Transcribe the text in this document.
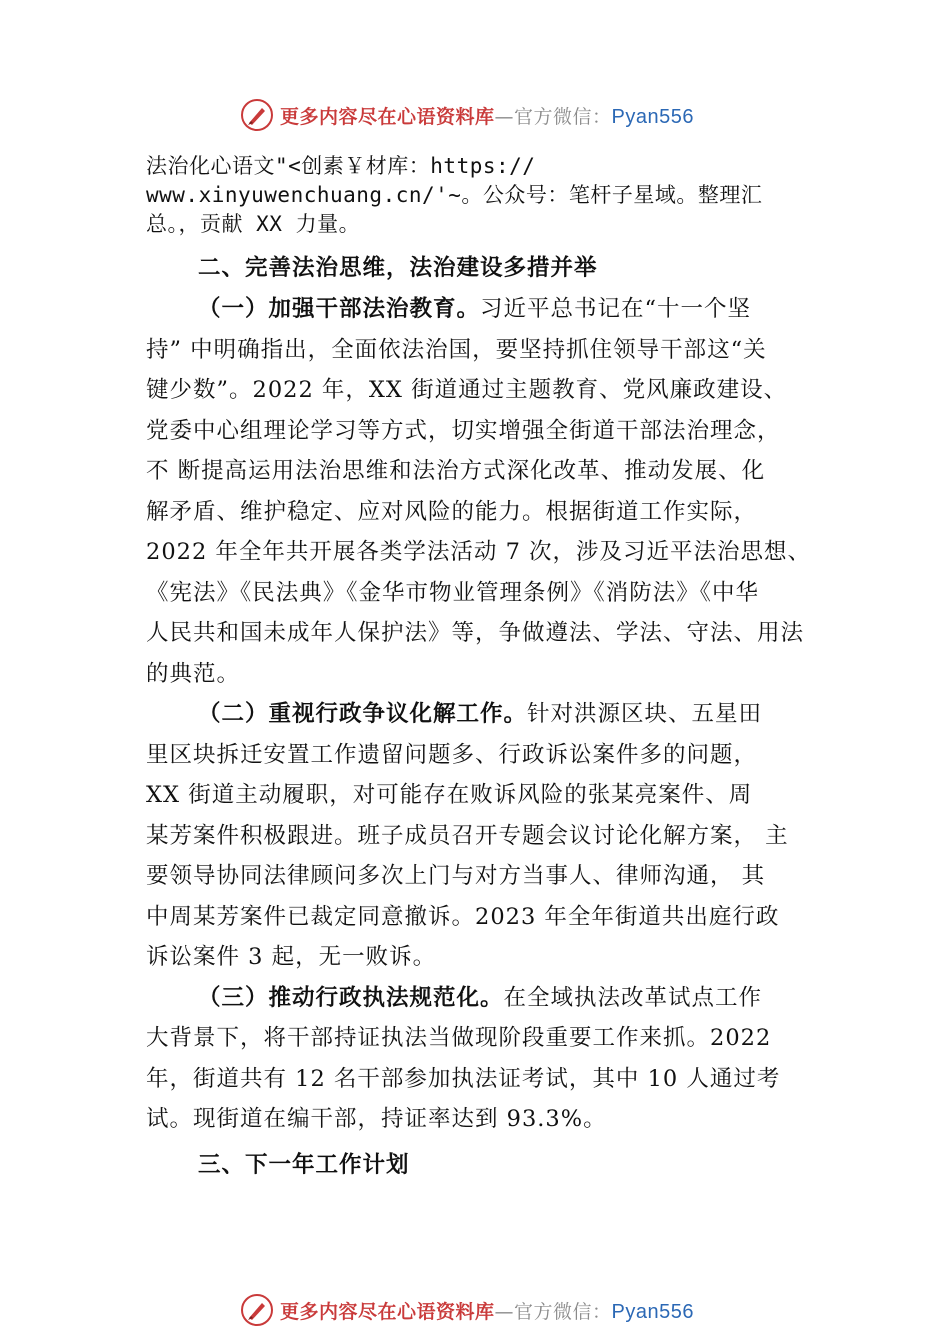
更多内容尽在心语资料库—官方微信：Pyan556

法治化心语文"<创素￥材库：https://

www.xinyuwenchuang.cn/'~。公众号：笔杆子星域。整理汇

总。，贡献 XX 力量。

二、完善法治思维，法治建设多措并举

（一）加强干部法治教育。习近平总书记在“十一个坚

持” 中明确指出，全面依法治国，要坚持抓住领导干部这“关

键少数”。2022 年，XX 街道通过主题教育、党风廉政建设、

党委中心组理论学习等方式，切实增强全街道干部法治理念，

不 断提高运用法治思维和法治方式深化改革、推动发展、化

解矛盾、维护稳定、应对风险的能力。根据街道工作实际，

2022 年全年共开展各类学法活动 7 次，涉及习近平法治思想、

《宪法》《民法典》《金华市物业管理条例》《消防法》《中华

人民共和国未成年人保护法》等，争做遵法、学法、守法、用法

的典范。

（二）重视行政争议化解工作。针对洪源区块、五星田

里区块拆迁安置工作遗留问题多、行政诉讼案件多的问题，

XX 街道主动履职，对可能存在败诉风险的张某亮案件、周

某芳案件积极跟进。班子成员召开专题会议讨论化解方案， 主

要领导协同法律顾问多次上门与对方当事人、律师沟通， 其

中周某芳案件已裁定同意撤诉。2023 年全年街道共出庭行政

诉讼案件 3 起，无一败诉。

（三）推动行政执法规范化。在全域执法改革试点工作

大背景下，将干部持证执法当做现阶段重要工作来抓。2022

年，街道共有 12 名干部参加执法证考试，其中 10 人通过考

试。现街道在编干部，持证率达到 93.3%。

三、下一年工作计划

更多内容尽在心语资料库—官方微信：Pyan556
